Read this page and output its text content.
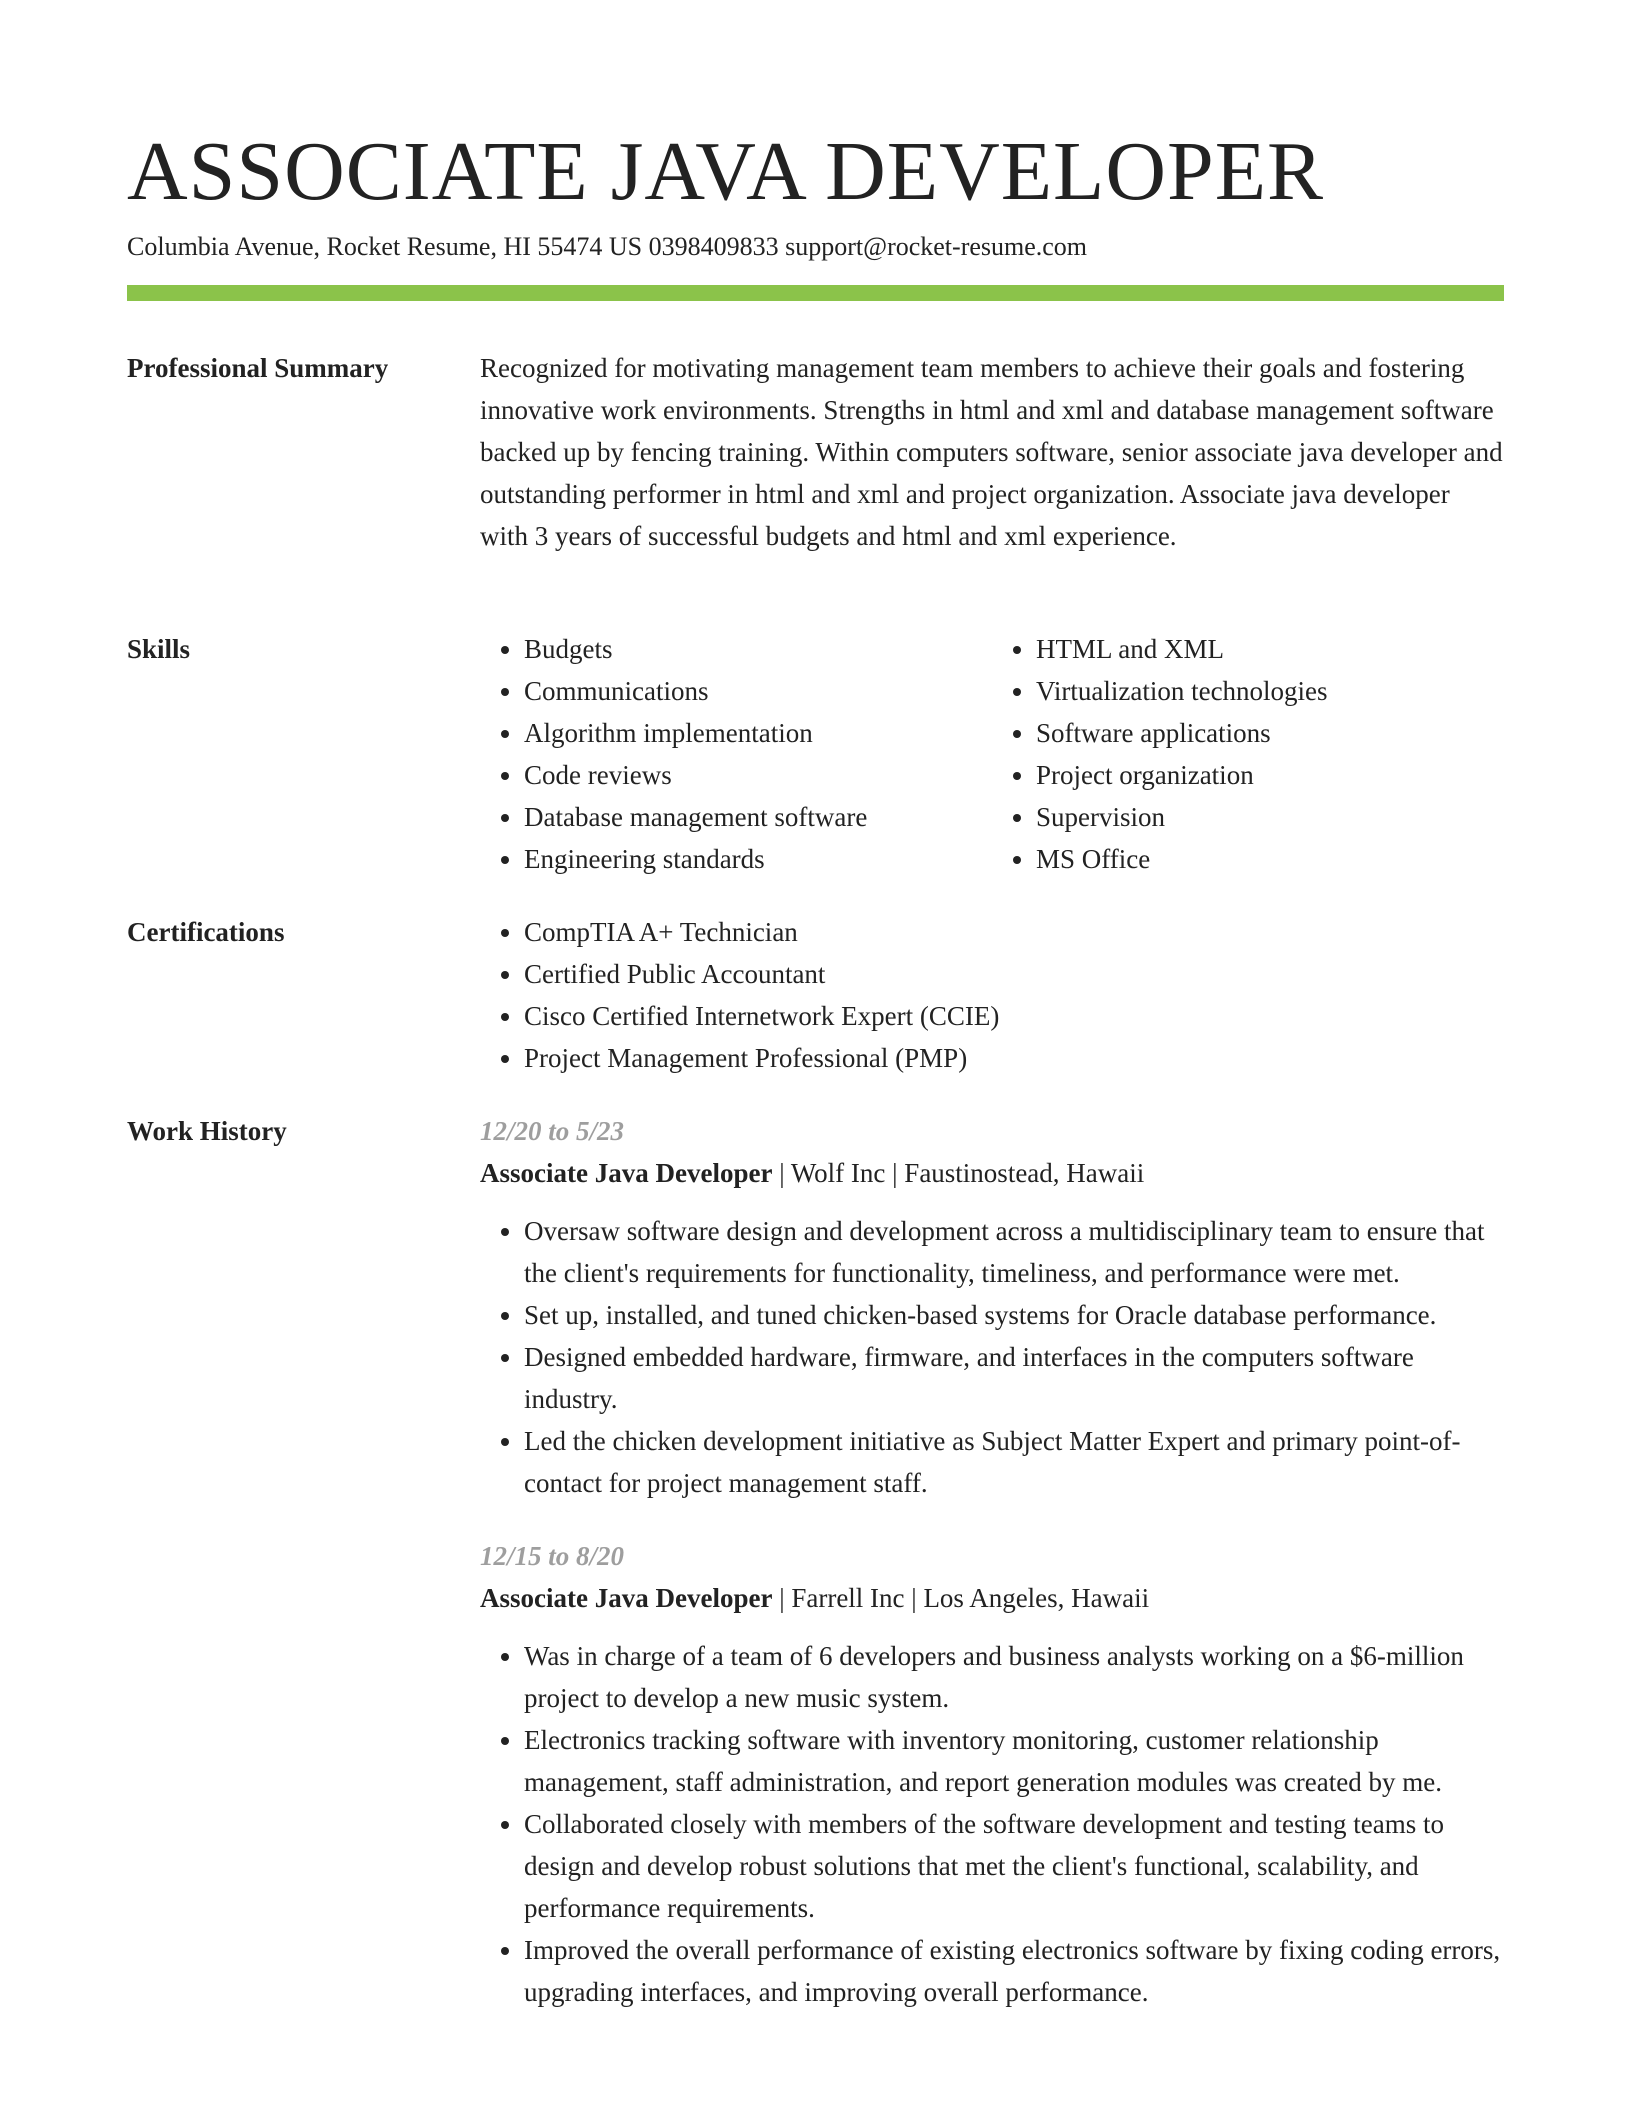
ASSOCIATE JAVA DEVELOPER
Columbia Avenue, Rocket Resume, HI 55474 US 0398409833 support@rocket-resume.com
Professional Summary	Recognized for motivating management team members to achieve their goals and fostering innovative work environments. Strengths in html and xml and database management software backed up by fencing training. Within computers software, senior associate java developer and outstanding performer in html and xml and project organization. Associate java developer with 3 years of successful budgets and html and xml experience.

Skills	• Budgets
• Communications
• Algorithm implementation
• Code reviews
• Database management software
• Engineering standards
• HTML and XML
• Virtualization technologies
• Software applications
• Project organization
• Supervision
• MS Office
Certifications	• CompTIA A+ Technician
• Certified Public Accountant
• Cisco Certified Internetwork Expert (CCIE)
• Project Management Professional (PMP)
Work History	12/20 to 5/23
Associate Java Developer | Wolf Inc | Faustinostead, Hawaii
• Oversaw software design and development across a multidisciplinary team to ensure that the client's requirements for functionality, timeliness, and performance were met.
• Set up, installed, and tuned chicken-based systems for Oracle database performance.
• Designed embedded hardware, firmware, and interfaces in the computers software industry.
• Led the chicken development initiative as Subject Matter Expert and primary point-of-contact for project management staff.
12/15 to 8/20
Associate Java Developer | Farrell Inc | Los Angeles, Hawaii
• Was in charge of a team of 6 developers and business analysts working on a $6-million project to develop a new music system.
• Electronics tracking software with inventory monitoring, customer relationship management, staff administration, and report generation modules was created by me.
• Collaborated closely with members of the software development and testing teams to design and develop robust solutions that met the client's functional, scalability, and performance requirements.
• Improved the overall performance of existing electronics software by fixing coding errors, upgrading interfaces, and improving overall performance.
